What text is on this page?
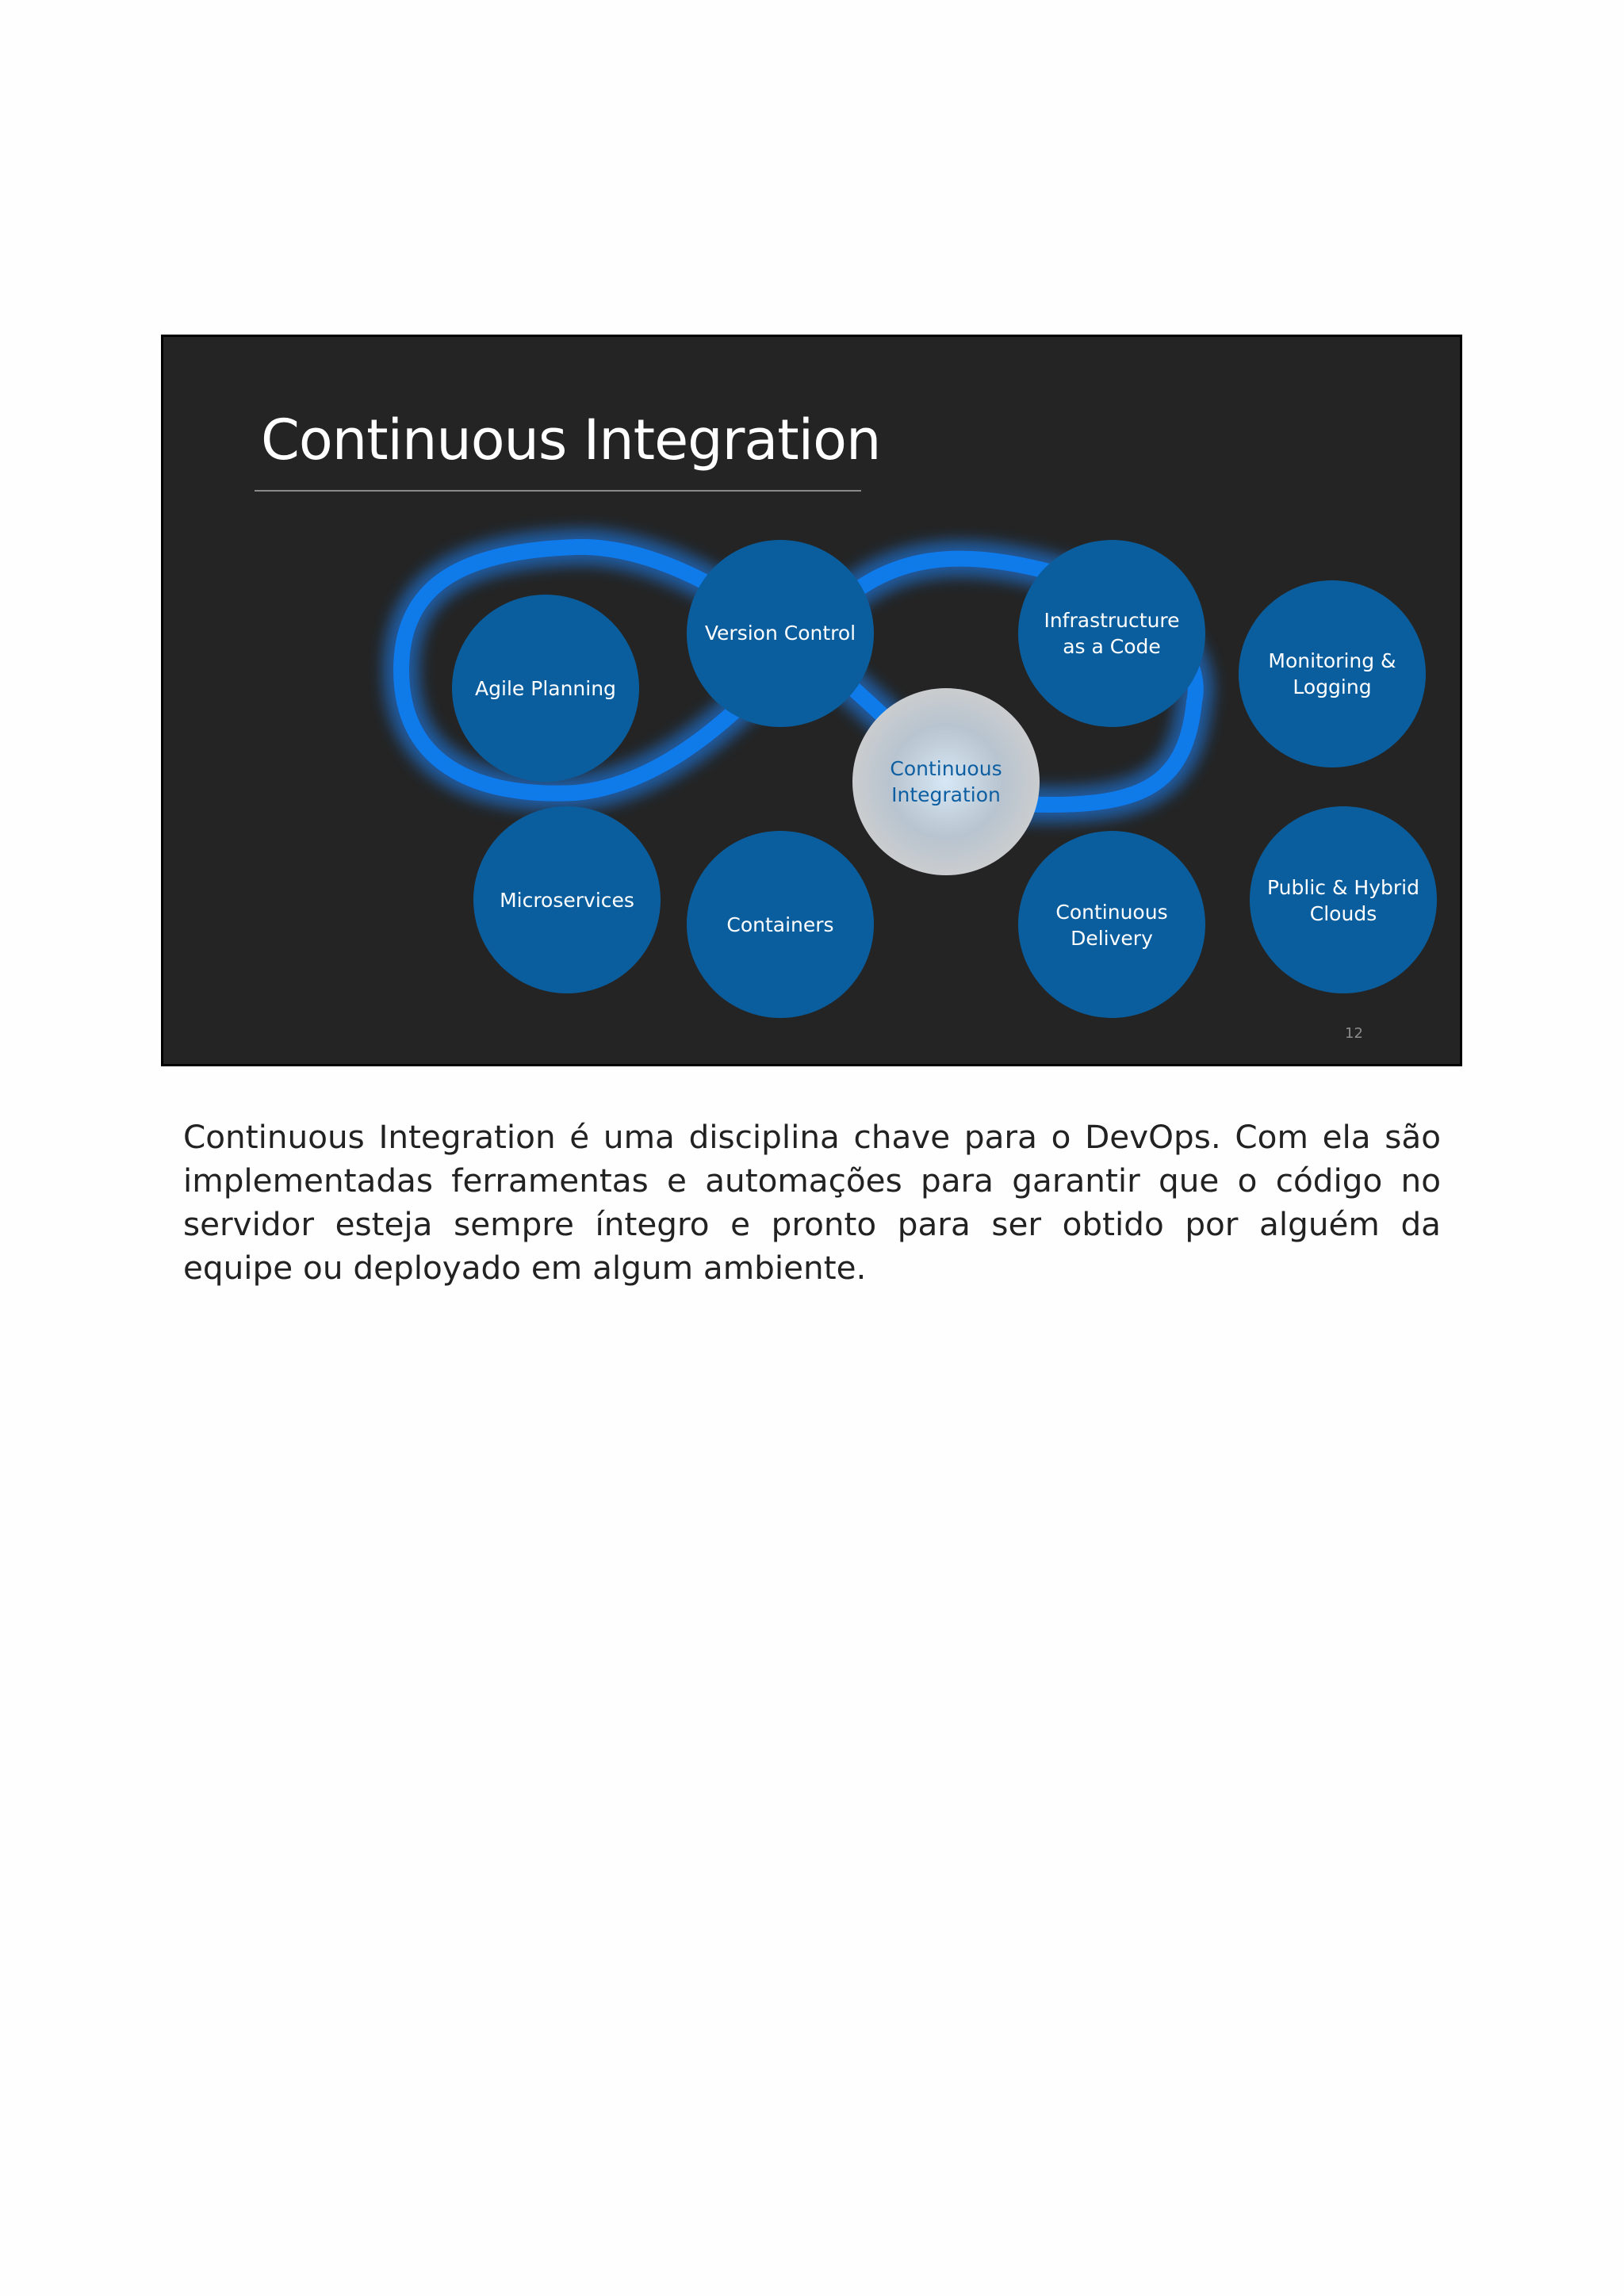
Continuous Integration
Agile Planning
Version Control
Microservices
Containers
Infrastructure
as a Code
Monitoring &
Logging
Continuous
Delivery
Public & Hybrid
Clouds
Continuous
Integration
12

Continuous Integration é uma disciplina chave para o DevOps. Com ela são implementadas ferramentas e automações para garantir que o código no servidor esteja sempre íntegro e pronto para ser obtido por alguém da equipe ou deployado em algum ambiente.
